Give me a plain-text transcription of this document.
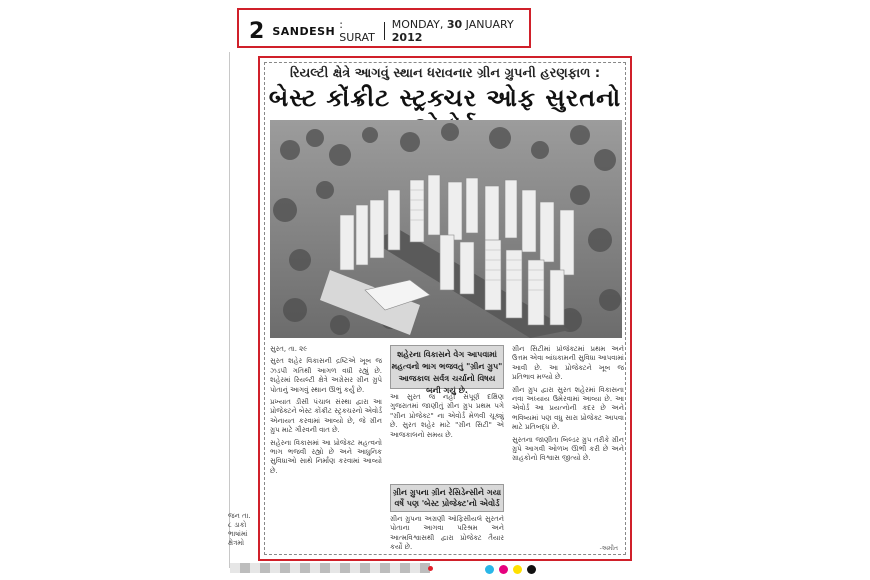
2 SANDESH : SURAT
MONDAY, 30 JANUARY 2012
રિયલ્ટી ક્ષેત્રે આગવું સ્થાન ધરાવનાર ગ્રીન ગ્રુપની હરણફાળ :
બેસ્ટ કોંક્રીટ સ્ટ્રક્ચર ઓફ સુરતનો

સુરત, તા. ૨૯

સુરત શહેર વિકાસની દ્રષ્ટિએ ખૂબ જ ઝડપી ગતિથી આગળ વધી રહ્યું છે. શહેરમાં રિયલ્ટી ક્ષેત્રે અગ્રેસર ગ્રીન ગ્રુપે પોતાનું આગવું સ્થાન ઊભું કર્યું છે.

પ્રખ્યાત ડીસી પંચાલ સંસ્થા દ્વારા આ પ્રોજેક્ટને બેસ્ટ કોંક્રીટ સ્ટ્રક્ચરનો એવોર્ડ એનાયત કરવામાં આવ્યો છે, જે ગ્રીન ગ્રુપ માટે ગૌરવની વાત છે.

સહેરના વિકાસમાં આ પ્રોજેક્ટ મહત્વનો ભાગ ભજવી રહ્યો છે અને આધુનિક સુવિધાઓ સાથે નિર્માણ કરવામાં આવ્યો છે.

શહેરના વિકાસને વેગ આપવામાં મહત્વનો ભાગ ભજવતું "ગ્રીન ગ્રુપ" આજકાલ સર્વત્ર ચર્ચાનો વિષય બની ગયું છે.

આ સુરત જ નહીં સંપૂર્ણ દક્ષિણ ગુજરાતમાં જાણીતું ગ્રીન ગ્રુપ પ્રથમ પગે "ગ્રીન પ્રોજેક્ટ" ના એવોર્ડ મેળવી ચૂક્યું છે. સુરત શહેર માટે "ગ્રીન સિટી" એ આજકાલનો સમય છે.

ગ્રીન ગ્રુપના ગ્રીન રેસિડેન્સીને ગયા વર્ષે પણ 'બેસ્ટ પ્રોજેક્ટ'નો એવોર્ડ

ગ્રીન ગ્રુપના અગ્રણી ઓફિસીયલે સુરતને પોતાના આગવા પરિશ્રમ અને આત્મવિશ્વાસથી દ્વારા પ્રોજેક્ટ તૈયાર કર્યો છે.

ગ્રીન સિટીમાં પ્રોજેક્ટમાં પ્રથમ અને ઉત્તમ એવા બાંધકામની સુવિધા આપવામાં આવી છે. આ પ્રોજેક્ટને ખૂબ જ પ્રતિભાવ મળ્યો છે.

ગ્રીન ગ્રુપ દ્વારા સુરત શહેરમાં વિકાસના નવા અધ્યાય ઉમેરવામાં આવ્યા છે. આ એવોર્ડ આ પ્રયત્નોની કદર છે અને ભવિષ્યમાં પણ વધુ સારા પ્રોજેક્ટ આપવા માટે પ્રતિબદ્ધ છે.

સુરતના જાણીતા બિલ્ડર ગ્રુપ તરીકે ગ્રીન ગ્રુપે આગવી ઓળખ ઊભી કરી છે અને ગ્રાહકોનો વિશ્વાસ જીત્યો છે.

-અમીત
જન તા. ૮ ડાકો ભાષાંમાં ક્ષેત્રમો
